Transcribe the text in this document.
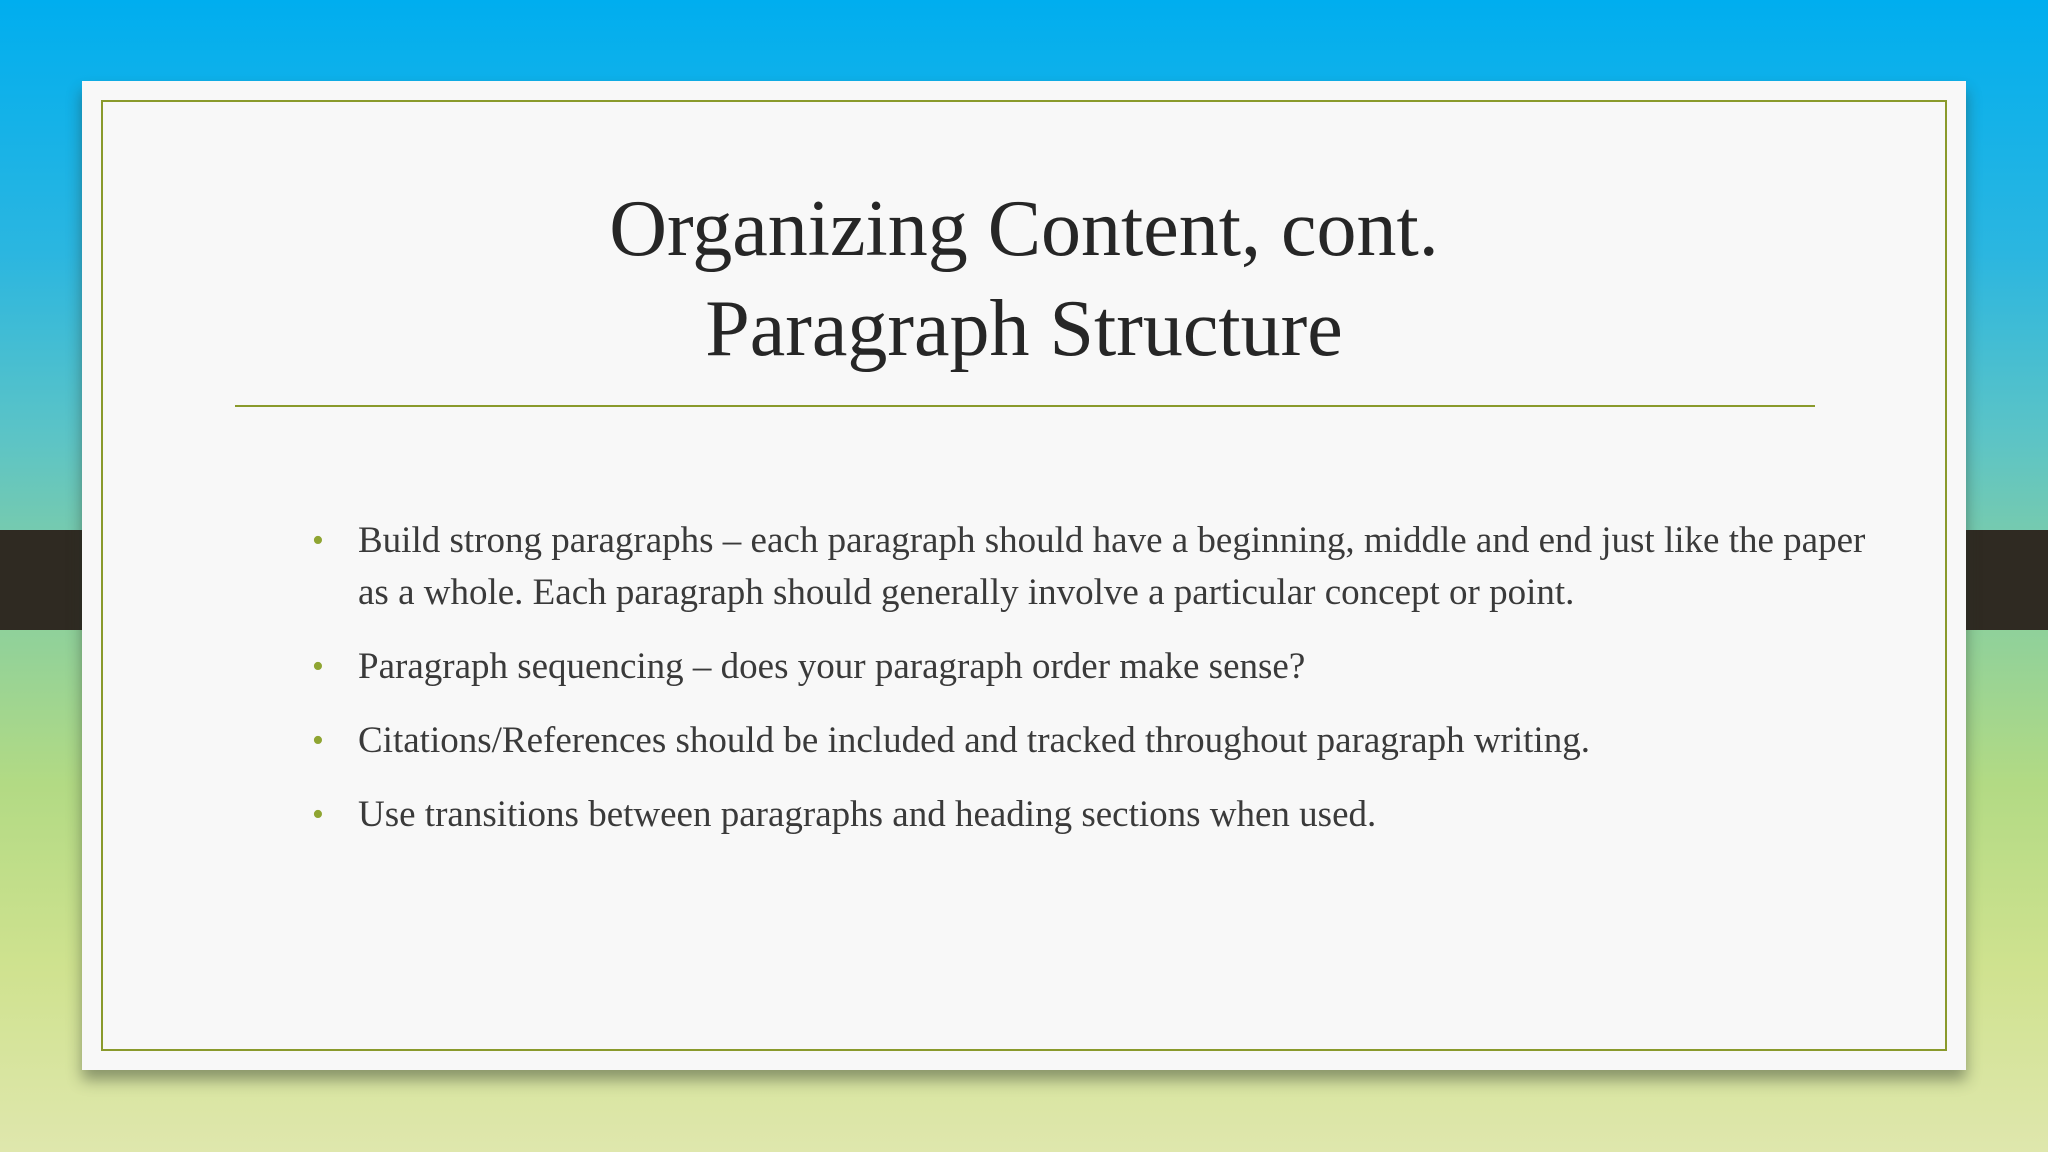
Organizing Content, cont.
Paragraph Structure
• Build strong paragraphs – each paragraph should have a beginning, middle and end just like the paper as a whole. Each paragraph should generally involve a particular concept or point.
• Paragraph sequencing – does your paragraph order make sense?
• Citations/References should be included and tracked throughout paragraph writing.
• Use transitions between paragraphs and heading sections when used.
